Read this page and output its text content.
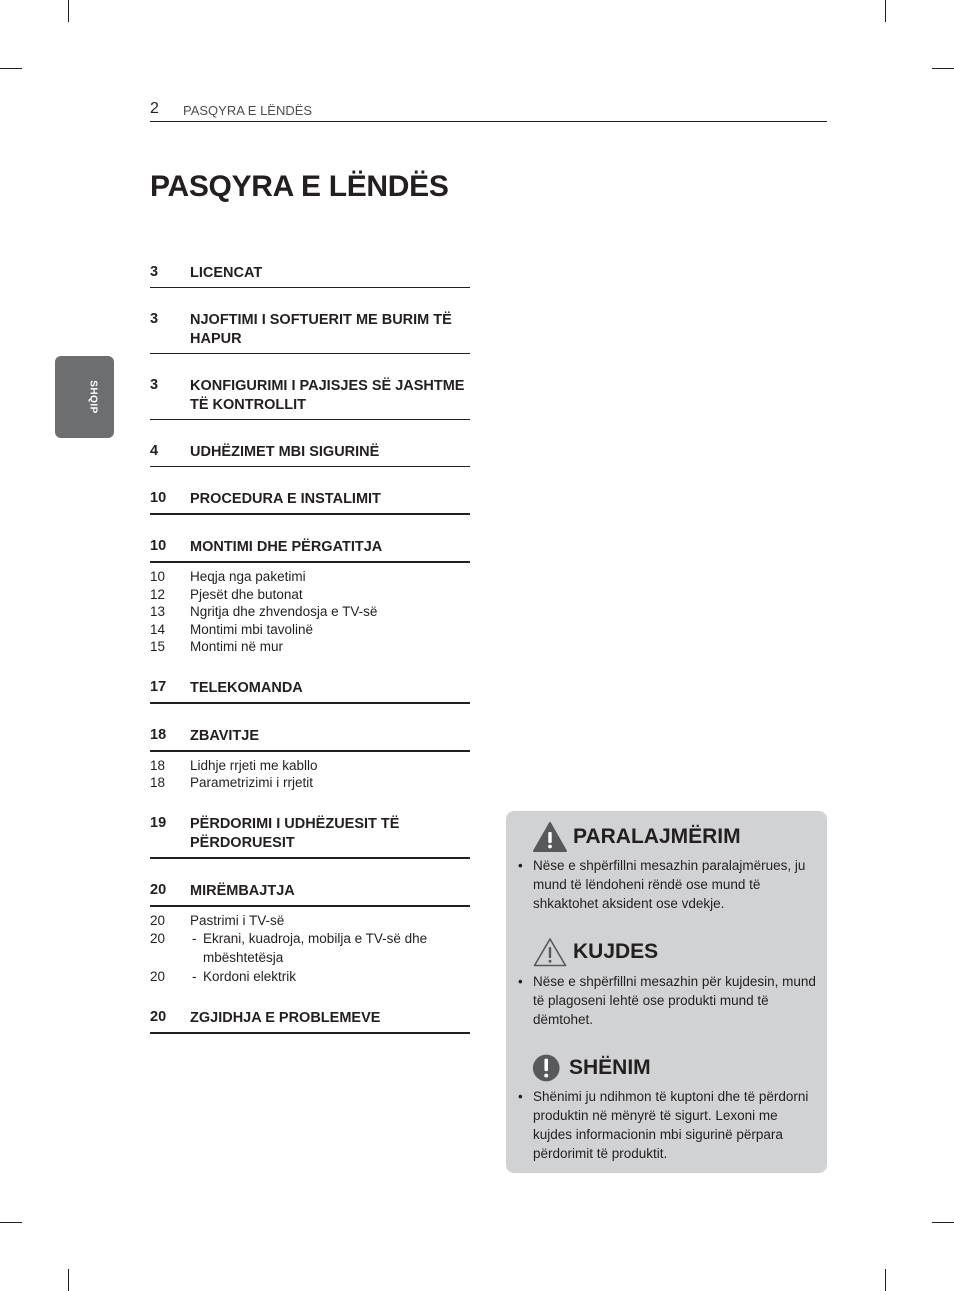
2 PASQYRA E LËNDËS
PASQYRA E LËNDËS
SHQIP
3 LICENCAT
3 NJOFTIMI I SOFTUERIT ME BURIM TË HAPUR
3 KONFIGURIMI I PAJISJES SË JASHTME TË KONTROLLIT
4 UDHËZIMET MBI SIGURINË
10 PROCEDURA E INSTALIMIT
10 MONTIMI DHE PËRGATITJA
10 Heqja nga paketimi
12 Pjesët dhe butonat
13 Ngritja dhe zhvendosja e TV-së
14 Montimi mbi tavolinë
15 Montimi në mur
17 TELEKOMANDA
18 ZBAVITJE
18 Lidhje rrjeti me kabllo
18 Parametrizimi i rrjetit
19 PËRDORIMI I UDHËZUESIT TË PËRDORUESIT
20 MIRËMBAJTJA
20 Pastrimi i TV-së
20 - Ekrani, kuadroja, mobilja e TV-së dhe mbështetësja
20 - Kordoni elektrik
20 ZGJIDHJA E PROBLEMEVE
PARALAJMËRIM
• Nëse e shpërfillni mesazhin paralajmërues, ju mund të lëndoheni rëndë ose mund të shkaktohet aksident ose vdekje.
KUJDES
• Nëse e shpërfillni mesazhin për kujdesin, mund të plagoseni lehtë ose produkti mund të dëmtohet.
SHËNIM
• Shënimi ju ndihmon të kuptoni dhe të përdorni produktin në mënyrë të sigurt. Lexoni me kujdes informacionin mbi sigurinë përpara përdorimit të produktit.
